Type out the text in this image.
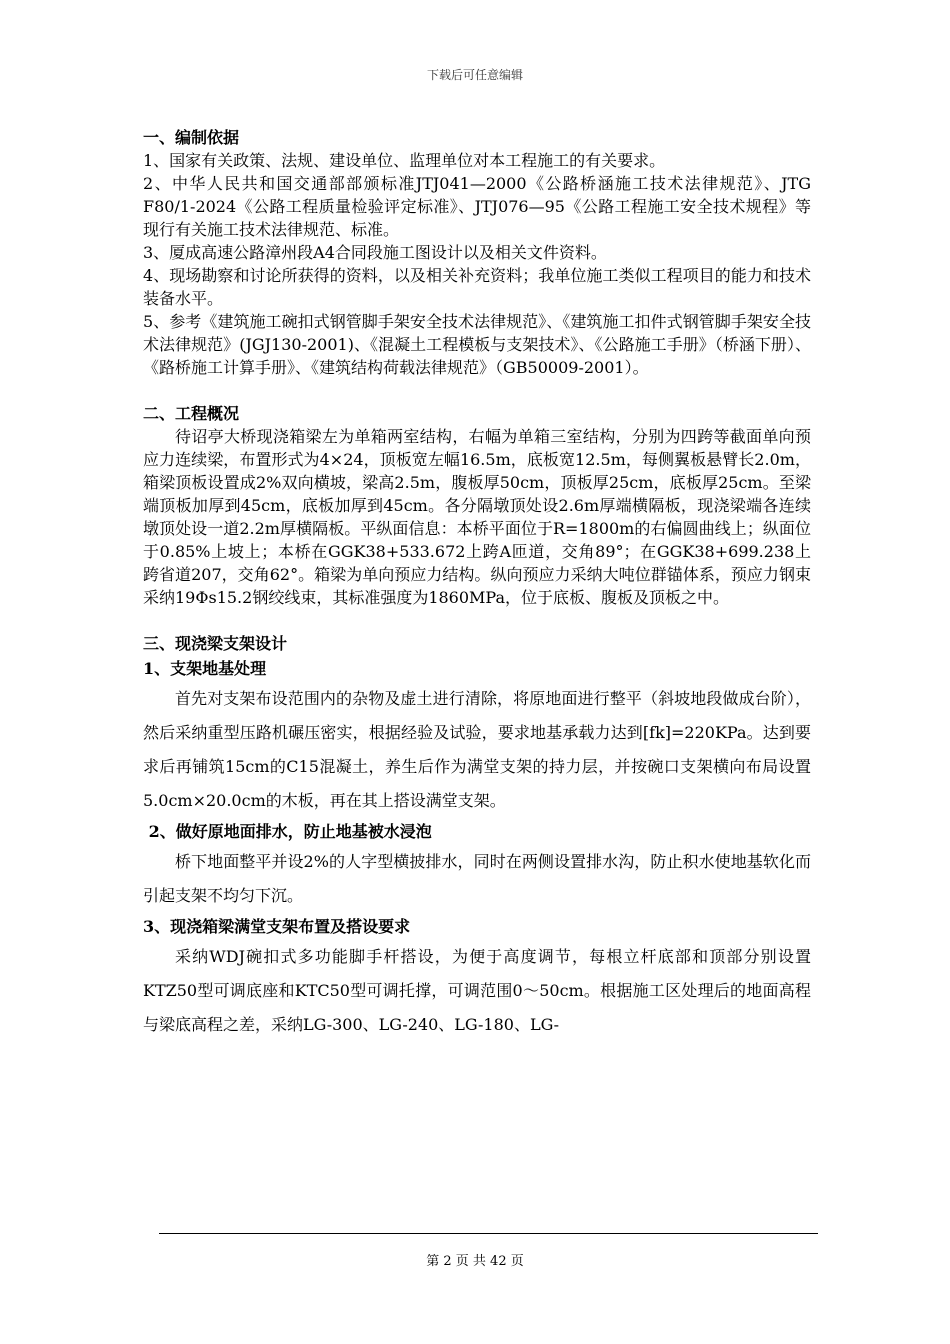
下载后可任意编辑

一、编制依据

1、国家有关政策、法规、建设单位、监理单位对本工程施工的有关要求。

2、中华人民共和国交通部部颁标准JTJ041—2000《公路桥涵施工技术法律规范》、JTG F80/1-2024《公路工程质量检验评定标准》、JTJ076—95《公路工程施工安全技术规程》等现行有关施工技术法律规范、标准。

3、厦成高速公路漳州段A4合同段施工图设计以及相关文件资料。

4、现场勘察和讨论所获得的资料，以及相关补充资料；我单位施工类似工程项目的能力和技术装备水平。

5、参考《建筑施工碗扣式钢管脚手架安全技术法律规范》、《建筑施工扣件式钢管脚手架安全技术法律规范》(JGJ130-2001)、《混凝土工程模板与支架技术》、《公路施工手册》（桥涵下册）、《路桥施工计算手册》、《建筑结构荷载法律规范》（GB50009-2001）。

二、工程概况

待诏亭大桥现浇箱梁左为单箱两室结构，右幅为单箱三室结构，分别为四跨等截面单向预应力连续梁，布置形式为4×24，顶板宽左幅16.5m，底板宽12.5m，每侧翼板悬臂长2.0m，箱梁顶板设置成2%双向横坡，梁高2.5m，腹板厚50cm，顶板厚25cm，底板厚25cm。至梁端顶板加厚到45cm，底板加厚到45cm。各分隔墩顶处设2.6m厚端横隔板，现浇梁端各连续墩顶处设一道2.2m厚横隔板。平纵面信息：本桥平面位于R=1800m的右偏圆曲线上；纵面位于0.85%上坡上；本桥在GGK38+533.672上跨A匝道，交角89°；在GGK38+699.238上跨省道207，交角62°。箱梁为单向预应力结构。纵向预应力采纳大吨位群锚体系，预应力钢束采纳19Φs15.2钢绞线束，其标准强度为1860MPa，位于底板、腹板及顶板之中。

三、现浇梁支架设计

1、支架地基处理

首先对支架布设范围内的杂物及虚土进行清除，将原地面进行整平（斜坡地段做成台阶），然后采纳重型压路机碾压密实，根据经验及试验，要求地基承载力达到[fk]=220KPa。达到要求后再铺筑15cm的C15混凝土，养生后作为满堂支架的持力层，并按碗口支架横向布局设置5.0cm×20.0cm的木板，再在其上搭设满堂支架。

2、做好原地面排水，防止地基被水浸泡

桥下地面整平并设2%的人字型横披排水，同时在两侧设置排水沟，防止积水使地基软化而引起支架不均匀下沉。

3、现浇箱梁满堂支架布置及搭设要求

采纳WDJ碗扣式多功能脚手杆搭设，为便于高度调节，每根立杆底部和顶部分别设置KTZ50型可调底座和KTC50型可调托撑，可调范围0～50cm。根据施工区处理后的地面高程与梁底高程之差，采纳LG-300、LG-240、LG-180、LG-

第 2 页 共 42 页
